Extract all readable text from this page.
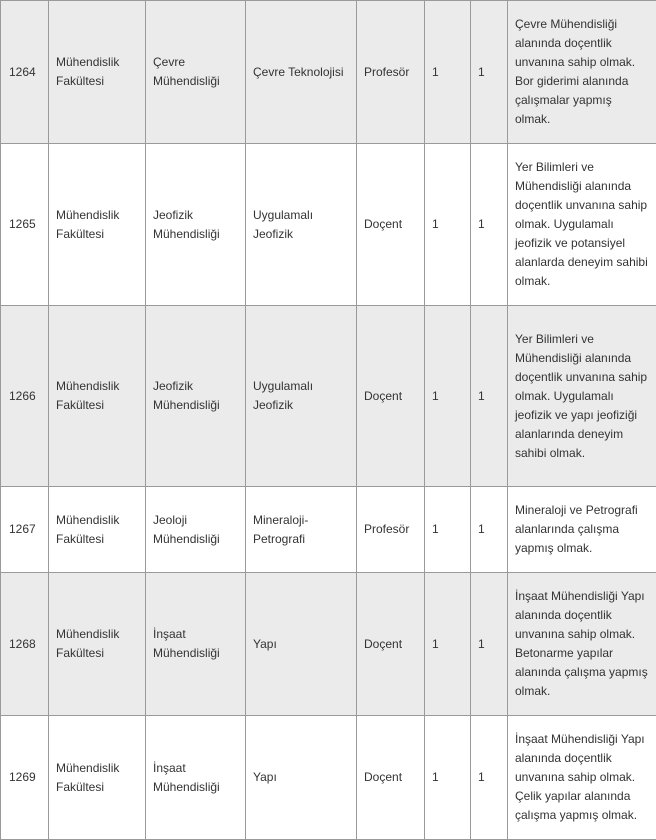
1264	Mühendislik Fakültesi	Çevre Mühendisliği	Çevre Teknolojisi	Profesör	1	1	Çevre Mühendisliği alanında doçentlik unvanına sahip olmak. Bor giderimi alanında çalışmalar yapmış olmak.
1265	Mühendislik Fakültesi	Jeofizik Mühendisliği	Uygulamalı Jeofizik	Doçent	1	1	Yer Bilimleri ve Mühendisliği alanında doçentlik unvanına sahip olmak. Uygulamalı jeofizik ve potansiyel alanlarda deneyim sahibi olmak.
1266	Mühendislik Fakültesi	Jeofizik Mühendisliği	Uygulamalı Jeofizik	Doçent	1	1	Yer Bilimleri ve Mühendisliği alanında doçentlik unvanına sahip olmak. Uygulamalı jeofizik ve yapı jeofiziği alanlarında deneyim sahibi olmak.
1267	Mühendislik Fakültesi	Jeoloji Mühendisliği	Mineraloji-Petrografi	Profesör	1	1	Mineraloji ve Petrografi alanlarında çalışma yapmış olmak.
1268	Mühendislik Fakültesi	İnşaat Mühendisliği	Yapı	Doçent	1	1	İnşaat Mühendisliği Yapı alanında doçentlik unvanına sahip olmak. Betonarme yapılar alanında çalışma yapmış olmak.
1269	Mühendislik Fakültesi	İnşaat Mühendisliği	Yapı	Doçent	1	1	İnşaat Mühendisliği Yapı alanında doçentlik unvanına sahip olmak. Çelik yapılar alanında çalışma yapmış olmak.
